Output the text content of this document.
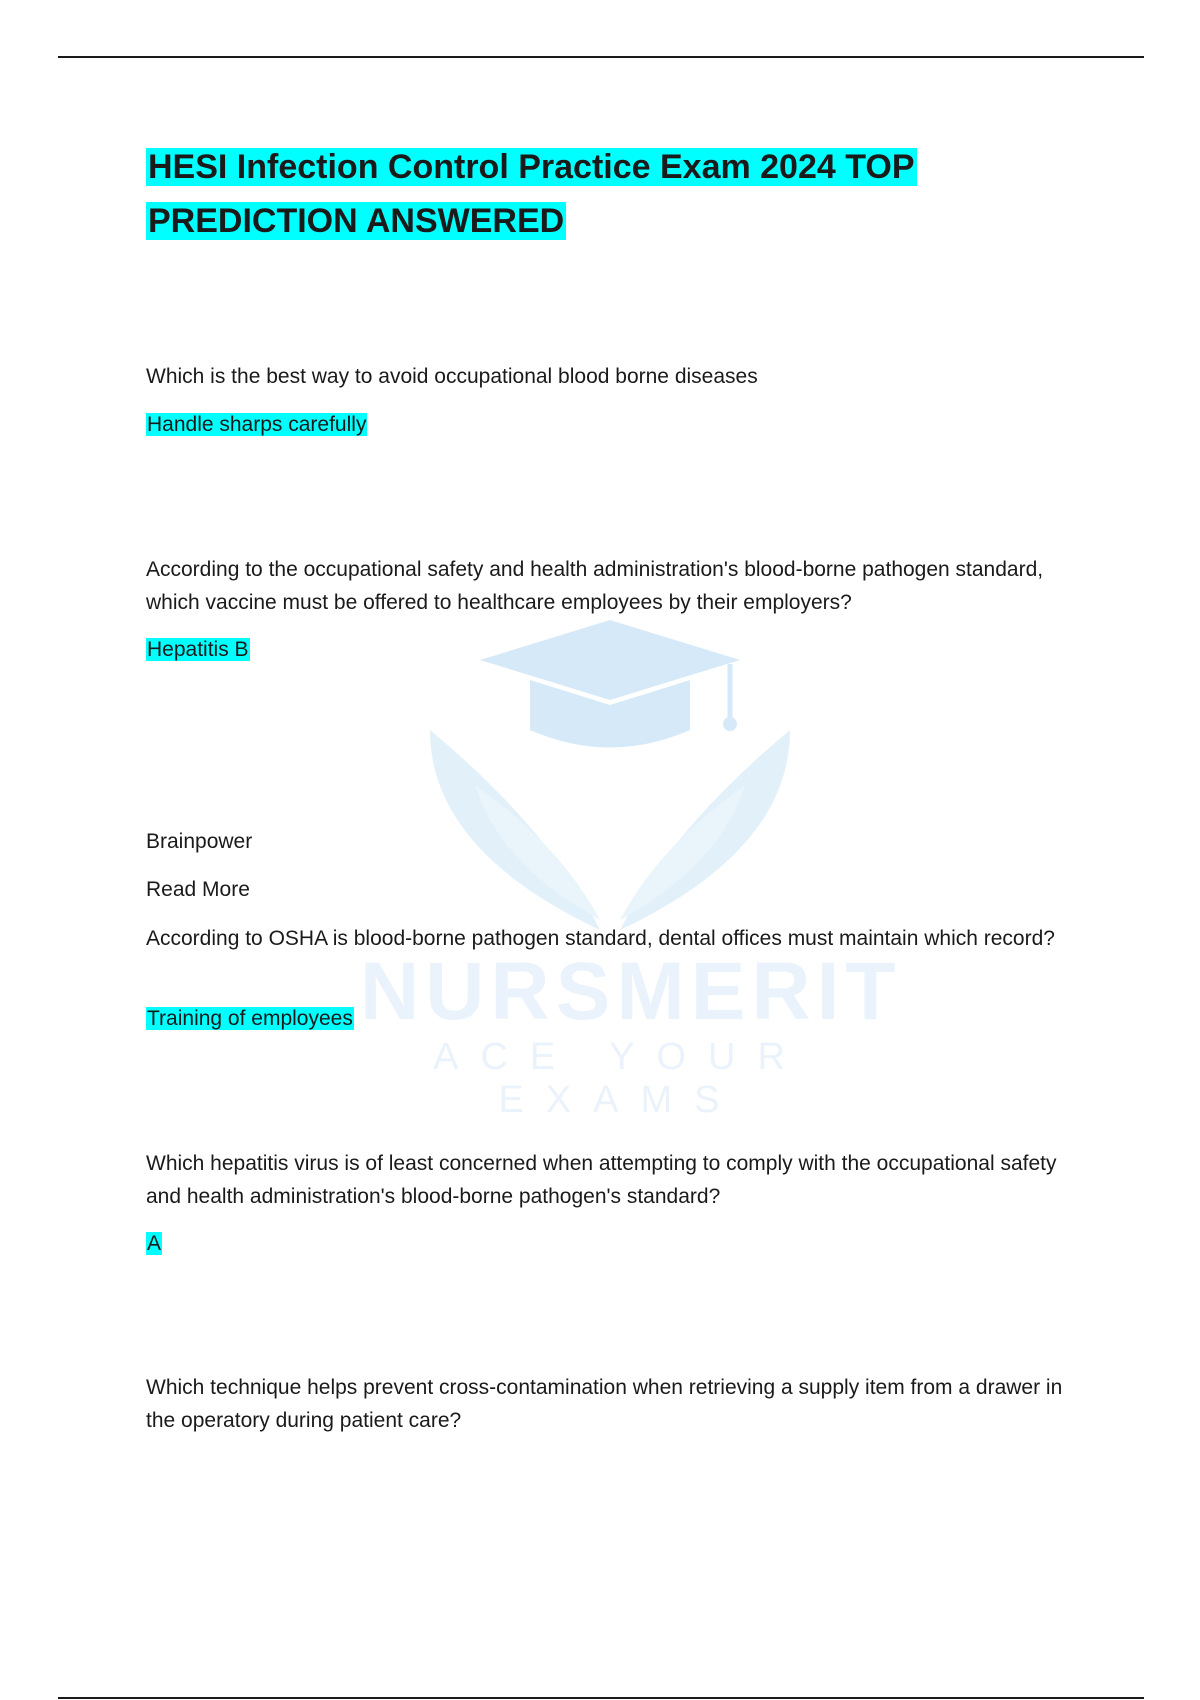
NURSMERIT
ACE YOUR EXAMS
HESI Infection Control Practice Exam 2024 TOP PREDICTION ANSWERED

Which is the best way to avoid occupational blood borne diseases

Handle sharps carefully

According to the occupational safety and health administration's blood-borne pathogen standard, which vaccine must be offered to healthcare employees by their employers?

Hepatitis B

Brainpower

Read More

According to OSHA is blood-borne pathogen standard, dental offices must maintain which record?

Training of employees

Which hepatitis virus is of least concerned when attempting to comply with the occupational safety and health administration's blood-borne pathogen's standard?

A

Which technique helps prevent cross-contamination when retrieving a supply item from a drawer in the operatory during patient care?
